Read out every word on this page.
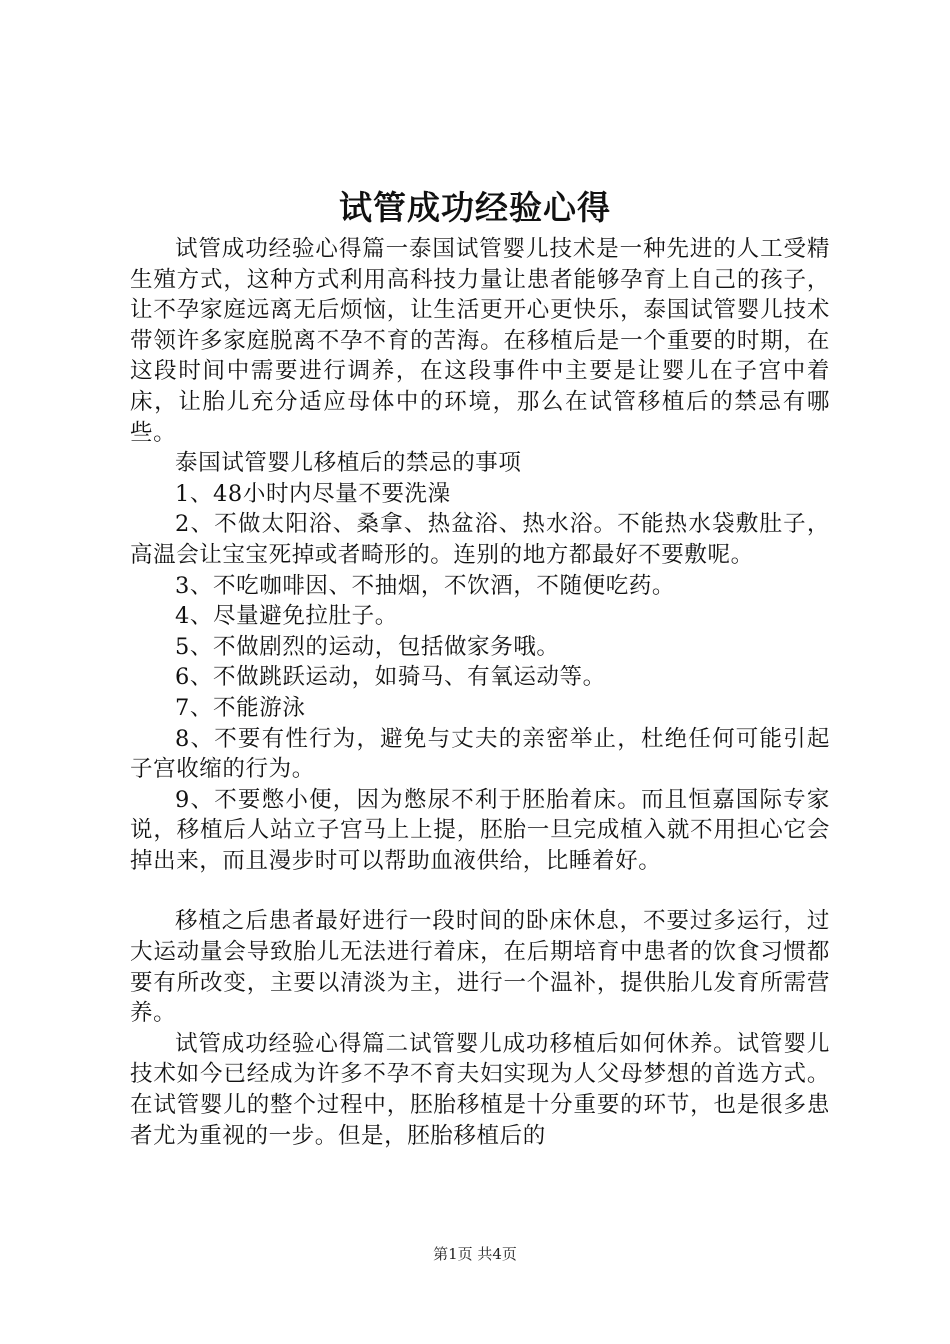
试管成功经验心得

试管成功经验心得篇一泰国试管婴儿技术是一种先进的人工受精生殖方式，这种方式利用高科技力量让患者能够孕育上自己的孩子，让不孕家庭远离无后烦恼，让生活更开心更快乐，泰国试管婴儿技术带领许多家庭脱离不孕不育的苦海。在移植后是一个重要的时期，在这段时间中需要进行调养，在这段事件中主要是让婴儿在子宫中着床，让胎儿充分适应母体中的环境，那么在试管移植后的禁忌有哪些。

泰国试管婴儿移植后的禁忌的事项

1、48小时内尽量不要洗澡

2、不做太阳浴、桑拿、热盆浴、热水浴。不能热水袋敷肚子，高温会让宝宝死掉或者畸形的。连别的地方都最好不要敷呢。

3、不吃咖啡因、不抽烟，不饮酒，不随便吃药。

4、尽量避免拉肚子。

5、不做剧烈的运动，包括做家务哦。

6、不做跳跃运动，如骑马、有氧运动等。

7、不能游泳

8、不要有性行为，避免与丈夫的亲密举止，杜绝任何可能引起子宫收缩的行为。

9、不要憋小便，因为憋尿不利于胚胎着床。而且恒嘉国际专家说，移植后人站立子宫马上上提，胚胎一旦完成植入就不用担心它会掉出来，而且漫步时可以帮助血液供给，比睡着好。

移植之后患者最好进行一段时间的卧床休息，不要过多运行，过大运动量会导致胎儿无法进行着床，在后期培育中患者的饮食习惯都要有所改变，主要以清淡为主，进行一个温补，提供胎儿发育所需营养。

试管成功经验心得篇二试管婴儿成功移植后如何休养。试管婴儿技术如今已经成为许多不孕不育夫妇实现为人父母梦想的首选方式。在试管婴儿的整个过程中，胚胎移植是十分重要的环节，也是很多患者尤为重视的一步。但是，胚胎移植后的

第1页 共4页
